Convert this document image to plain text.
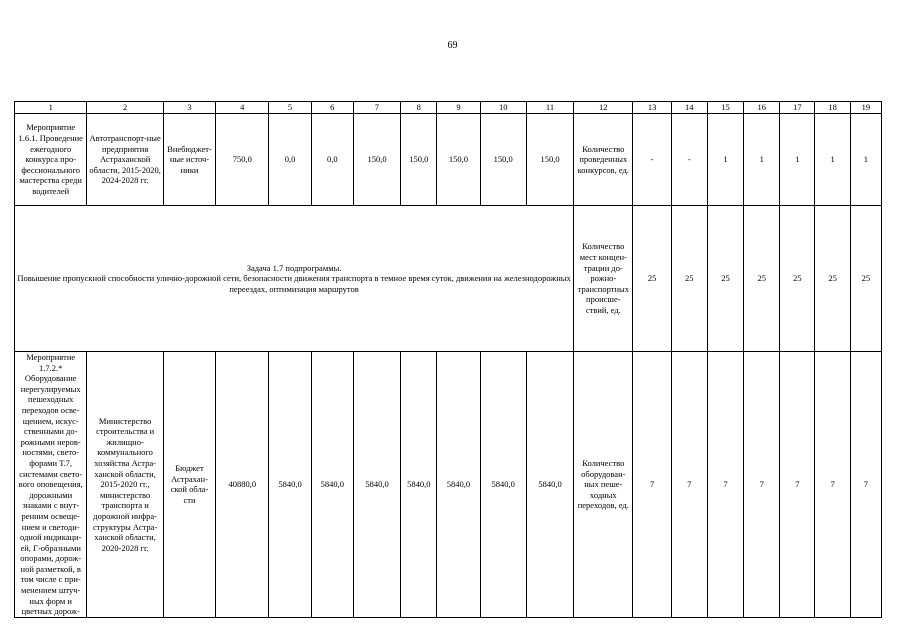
69
1	2	3	4	5	6	7	8	9	10	11	12	13	14	15	16	17	18	19
Мероприятие 1.6.1. Проведение ежегодного конкурса про-фессионального мастерства среди водителей	Автотранспорт-ные предприятия Астраханской области, 2015-2020, 2024-2028 гг.	Внебюджет-ные источ-ники	750,0	0,0	0,0	150,0	150,0	150,0	150,0	150,0	Количество проведенных конкурсов, ед.	-	-	1	1	1	1	1

Задача 1.7 подпрограммы.
Повышение пропускной способности улично-дорожной сети, безопасности движения транспорта в темное время суток, движения на железнодорожных переездах, оптимизация маршрутов											Количество мест концен-трации до-рожно-транспортных происше-ствий, ед.	25	25	25	25	25	25	25
Мероприятие 1.7.2.* Оборудование нерегулируемых пешеходных переходов осве-щением, искус-ственными до-рожными неров-ностями, свето-форами Т.7, системами свето-вого оповещения, дорожными знаками с внут-ренним освеще-нием и светоди-одной индикаци-ей, Г-образными опорами, дорож-ной разметкой, в том числе с при-менением штуч-ных форм и цветных дорож-	Министерство строительства и жилищно-коммунального хозяйства Астра-ханской области, 2015-2020 гг., министерство транспорта и дорожной инфра-структуры Астра-ханской области, 2020-2028 гг.	Бюджет Астрахан-ской обла-сти	40880,0	5840,0	5840,0	5840,0	5840,0	5840,0	5840,0	5840,0	Количество оборудован-ных пеше-ходных переходов, ед.	7	7	7	7	7	7	7
